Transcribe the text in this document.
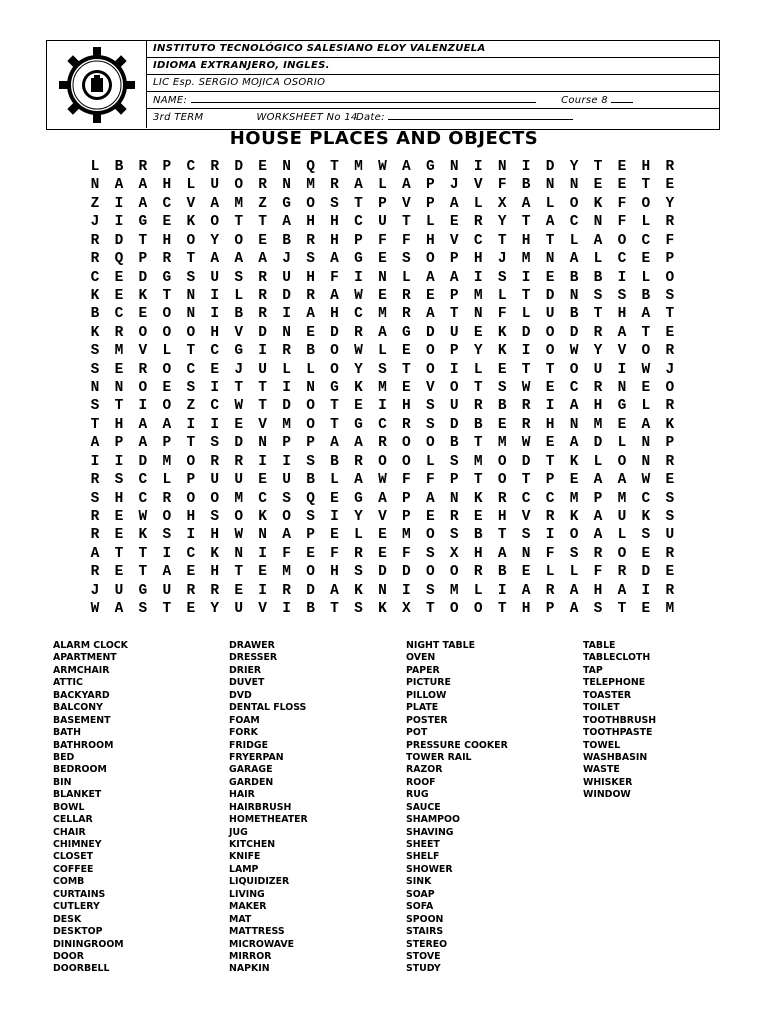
INSTITUTO TECNOLÓGICO SALESIANO ELOY VALENZUELA
IDIOMA EXTRANJERO, INGLES.
LIC Esp. SERGIO MOJICA OSORIO
NAME:	Course 8
3rd TERM	WORKSHEET No 14 Date:
HOUSE PLACES AND OBJECTS
L B R P C R D E N Q T M W A G N I N I D Y T E H R
N A A H L U O R N M R A L A P J V F B N N E E T E
Z I A C V A M Z G O S T P V P A L X A L O K F O Y
J I G E K O T T A H H C U T L E R Y T A C N F L R
R D T H O Y O E B R H P F F H V C T H T L A O C F
R Q P R T A A A J S A G E S O P H J M N A L C E P
C E D G S U S R U H F I N L A A I S I E B B I L O
K E K T N I L R D R A W E R E P M L T D N S S B S
B C E O N I B R I A H C M R A T N F L U B T H A T
K R O O O H V D N E D R A G D U E K D O D R A T E
S M V L T C G I R B O W L E O P Y K I O W Y V O R
S E R O C E J U L L O Y S T O I L E T T O U I W J
N N O E S I T T I N G K M E V O T S W E C R N E O
S T I O Z C W T D O T E I H S U R B R I A H G L R
T H A A I I E V M O T G C R S D B E R H N M E A K
A P A P T S D N P P A A R O O B T M W E A D L N P
I I D M O R R I I S B R O O L S M O D T K L O N R
R S C L P U U E U B L A W F F P T O T P E A A W E
S H C R O O M C S Q E G A P A N K R C C M P M C S
R E W O H S O K O S I Y V P E R E H V R K A U K S
R E K S I H W N A P E L E M O S B T S I O A L S U
A T T I C K N I F E F R E F S X H A N F S R O E R
R E T A E H T E M O H S D D O O R B E L L F R D E
J U G U R R E I R D A K N I S M L I A R A H A I R
W A S T E Y U V I B T S K X T O O T H P A S T E M
ALARM CLOCK
APARTMENT
ARMCHAIR
ATTIC
BACKYARD
BALCONY
BASEMENT
BATH
BATHROOM
BED
BEDROOM
BIN
BLANKET
BOWL
CELLAR
CHAIR
CHIMNEY
CLOSET
COFFEE
COMB
CURTAINS
CUTLERY
DESK
DESKTOP
DININGROOM
DOOR
DOORBELL
DRAWER
DRESSER
DRIER
DUVET
DVD
DENTAL FLOSS
FOAM
FORK
FRIDGE
FRYERPAN
GARAGE
GARDEN
HAIR
HAIRBRUSH
HOMETHEATER
JUG
KITCHEN
KNIFE
LAMP
LIQUIDIZER
LIVING
MAKER
MAT
MATTRESS
MICROWAVE
MIRROR
NAPKIN
NIGHT TABLE
OVEN
PAPER
PICTURE
PILLOW
PLATE
POSTER
POT
PRESSURE COOKER
TOWER RAIL
RAZOR
ROOF
RUG
SAUCE
SHAMPOO
SHAVING
SHEET
SHELF
SHOWER
SINK
SOAP
SOFA
SPOON
STAIRS
STEREO
STOVE
STUDY
TABLE
TABLECLOTH
TAP
TELEPHONE
TOASTER
TOILET
TOOTHBRUSH
TOOTHPASTE
TOWEL
WASHBASIN
WASTE
WHISKER
WINDOW
